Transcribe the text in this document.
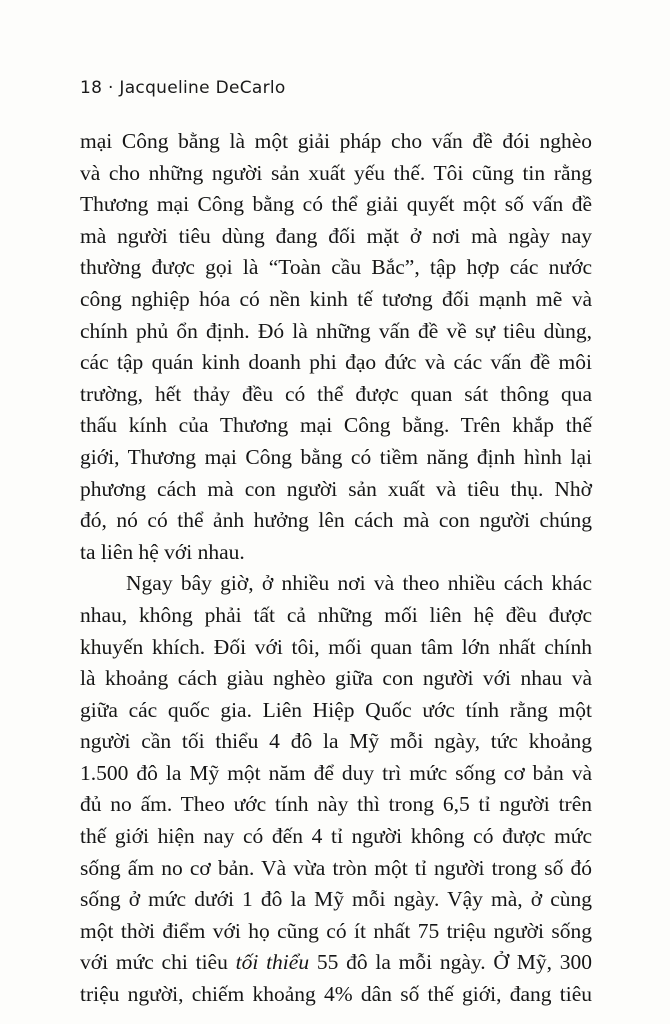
18 · Jacqueline DeCarlo
mại Công bằng là một giải pháp cho vấn đề đói nghèo
và cho những người sản xuất yếu thế. Tôi cũng tin rằng
Thương mại Công bằng có thể giải quyết một số vấn đề
mà người tiêu dùng đang đối mặt ở nơi mà ngày nay
thường được gọi là “Toàn cầu Bắc”, tập hợp các nước
công nghiệp hóa có nền kinh tế tương đối mạnh mẽ và
chính phủ ổn định. Đó là những vấn đề về sự tiêu dùng,
các tập quán kinh doanh phi đạo đức và các vấn đề môi
trường, hết thảy đều có thể được quan sát thông qua
thấu kính của Thương mại Công bằng. Trên khắp thế
giới, Thương mại Công bằng có tiềm năng định hình lại
phương cách mà con người sản xuất và tiêu thụ. Nhờ
đó, nó có thể ảnh hưởng lên cách mà con người chúng
ta liên hệ với nhau.
Ngay bây giờ, ở nhiều nơi và theo nhiều cách khác
nhau, không phải tất cả những mối liên hệ đều được
khuyến khích. Đối với tôi, mối quan tâm lớn nhất chính
là khoảng cách giàu nghèo giữa con người với nhau và
giữa các quốc gia. Liên Hiệp Quốc ước tính rằng một
người cần tối thiểu 4 đô la Mỹ mỗi ngày, tức khoảng
1.500 đô la Mỹ một năm để duy trì mức sống cơ bản và
đủ no ấm. Theo ước tính này thì trong 6,5 tỉ người trên
thế giới hiện nay có đến 4 tỉ người không có được mức
sống ấm no cơ bản. Và vừa tròn một tỉ người trong số đó
sống ở mức dưới 1 đô la Mỹ mỗi ngày. Vậy mà, ở cùng
một thời điểm với họ cũng có ít nhất 75 triệu người sống
với mức chi tiêu tối thiểu 55 đô la mỗi ngày. Ở Mỹ, 300
triệu người, chiếm khoảng 4% dân số thế giới, đang tiêu
